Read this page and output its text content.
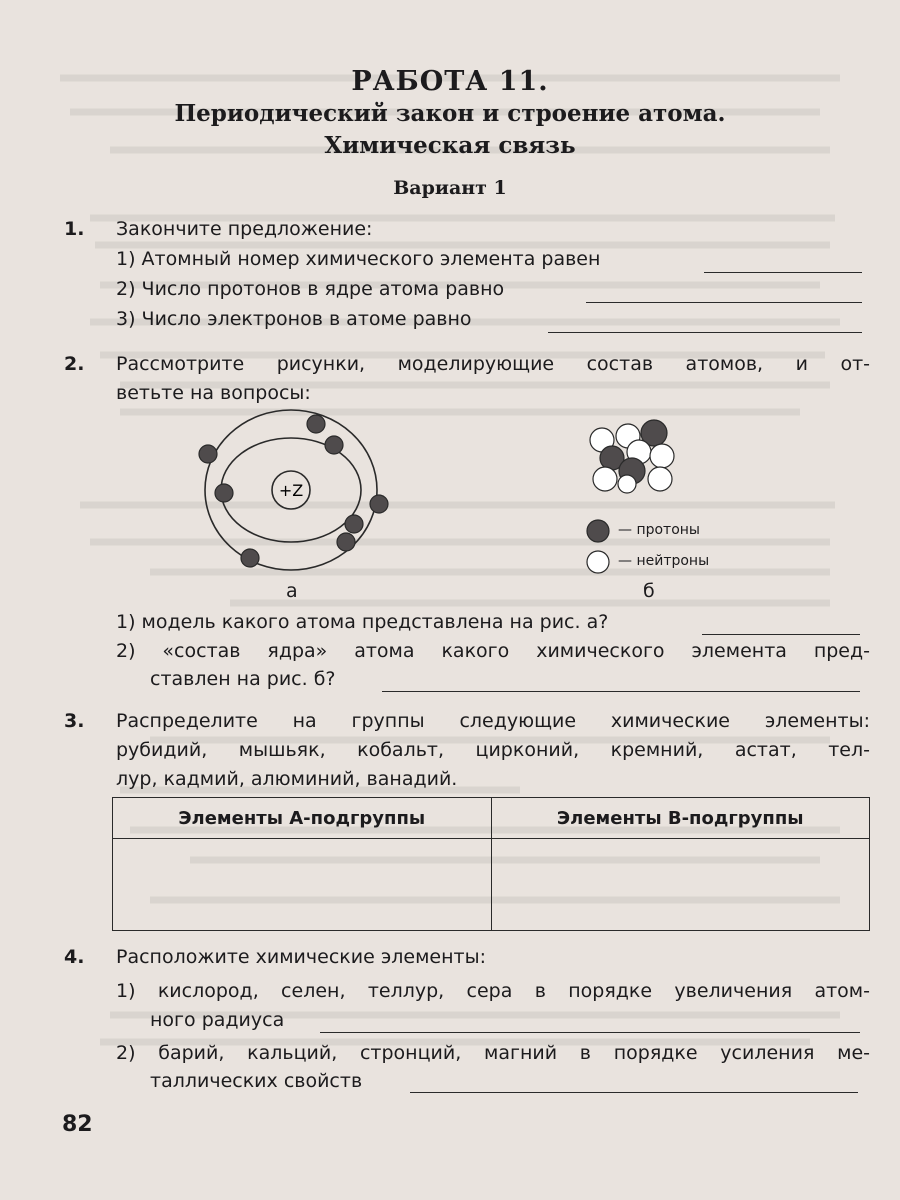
РАБОТА 11.
Периодический закон и строение атома.
Химическая связь
Вариант 1
1. Закончите предложение:
1) Атомный номер химического элемента равен
2) Число протонов в ядре атома равно
3) Число электронов в атоме равно
2. Рассмотрите рисунки, моделирующие состав атомов, и от-
ветьте на вопросы:
+Z
а
— протоны
— нейтроны
б
1) модель какого атома представлена на рис. а?
2) «состав ядра» атома какого химического элемента пред-
ставлен на рис. б?
3. Распределите на группы следующие химические элементы:
рубидий, мышьяк, кобальт, цирконий, кремний, астат, тел-
лур, кадмий, алюминий, ванадий.
Элементы А-подгруппы	Элементы В-подгруппы

4. Расположите химические элементы:
1) кислород, селен, теллур, сера в порядке увеличения атом-
ного радиуса
2) барий, кальций, стронций, магний в порядке усиления ме-
таллических свойств
82
